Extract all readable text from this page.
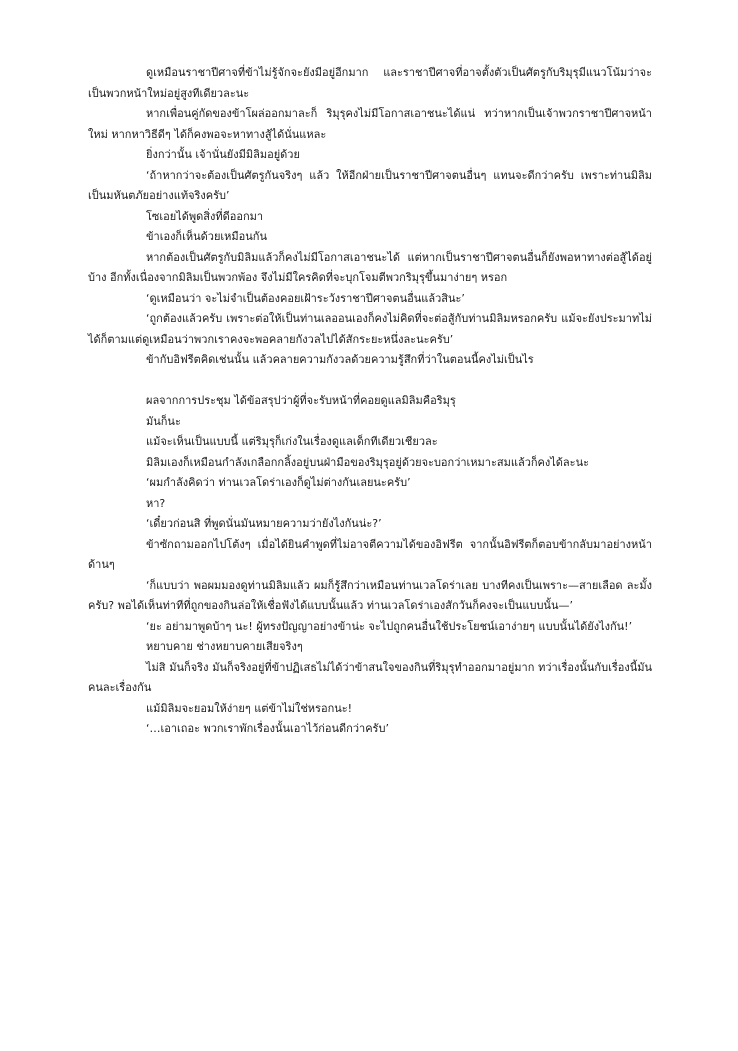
ดูเหมือนราชาปีศาจที่ข้าไม่รู้จักจะยังมีอยู่อีกมาก และราชาปีศาจที่อาจตั้งตัวเป็นศัตรูกับริมุรุมีแนวโน้มว่าจะเป็นพวกหน้าใหม่อยู่สูงทีเดียวละนะ

หากเพื่อนคู่กัดของข้าโผล่ออกมาละก็ ริมุรุคงไม่มีโอกาสเอาชนะได้แน่ ทว่าหากเป็นเจ้าพวกราชาปีศาจหน้าใหม่ หากหาวิธีดีๆ ได้ก็คงพอจะหาทางสู้ได้นั่นแหละ

ยิ่งกว่านั้น เจ้านั่นยังมีมิลิมอยู่ด้วย

‘ถ้าหากว่าจะต้องเป็นศัตรูกันจริงๆ แล้ว ให้อีกฝ่ายเป็นราชาปีศาจตนอื่นๆ แทนจะดีกว่าครับ เพราะท่านมิลิมเป็นมหันตภัยอย่างแท้จริงครับ’

โซเอยได้พูดสิ่งที่ดีออกมา

ข้าเองก็เห็นด้วยเหมือนกัน

หากต้องเป็นศัตรูกับมิลิมแล้วก็คงไม่มีโอกาสเอาชนะได้ แต่หากเป็นราชาปีศาจตนอื่นก็ยังพอหาทางต่อสู้ได้อยู่บ้าง อีกทั้งเนื่องจากมิลิมเป็นพวกพ้อง จึงไม่มีใครคิดที่จะบุกโจมตีพวกริมุรุขึ้นมาง่ายๆ หรอก

‘ดูเหมือนว่า จะไม่จำเป็นต้องคอยเฝ้าระวังราชาปีศาจตนอื่นแล้วสินะ’

‘ถูกต้องแล้วครับ เพราะต่อให้เป็นท่านเลออนเองก็คงไม่คิดที่จะต่อสู้กับท่านมิลิมหรอกครับ แม้จะยังประมาทไม่ได้ก็ตามแต่ดูเหมือนว่าพวกเราคงจะพอคลายกังวลไปได้สักระยะหนึ่งละนะครับ’

ข้ากับอิฟรีตคิดเช่นนั้น แล้วคลายความกังวลด้วยความรู้สึกที่ว่าในตอนนี้คงไม่เป็นไร

ผลจากการประชุม ได้ข้อสรุปว่าผู้ที่จะรับหน้าที่คอยดูแลมิลิมคือริมุรุ

มันก็นะ

แม้จะเห็นเป็นแบบนี้ แต่ริมุรุก็เก่งในเรื่องดูแลเด็กทีเดียวเชียวละ

มิลิมเองก็เหมือนกำลังเกลือกกลิ้งอยู่บนฝ่ามือของริมุรุอยู่ด้วยจะบอกว่าเหมาะสมแล้วก็คงได้ละนะ

‘ผมกำลังคิดว่า ท่านเวลโดร่าเองก็ดูไม่ต่างกันเลยนะครับ’

หา?

‘เดี๋ยวก่อนสิ ที่พูดนั่นมันหมายความว่ายังไงกันน่ะ?’

ข้าซักถามออกไปโต้งๆ เมื่อได้ยินคำพูดที่ไม่อาจตีความได้ของอิฟรีต จากนั้นอิฟรีตก็ตอบข้ากลับมาอย่างหน้าด้านๆ

‘ก็แบบว่า พอผมมองดูท่านมิลิมแล้ว ผมก็รู้สึกว่าเหมือนท่านเวลโดร่าเลย บางทีคงเป็นเพราะ—สายเลือด ละมั้งครับ? พอได้เห็นท่าทีที่ถูกของกินล่อให้เชื่อฟังได้แบบนั้นแล้ว ท่านเวลโดร่าเองสักวันก็คงจะเป็นแบบนั้น—’

‘ยะ อย่ามาพูดบ้าๆ นะ! ผู้ทรงปัญญาอย่างข้าน่ะ จะไปถูกคนอื่นใช้ประโยชน์เอาง่ายๆ แบบนั้นได้ยังไงกัน!’

หยาบคาย ช่างหยาบคายเสียจริงๆ

ไม่สิ มันก็จริง มันก็จริงอยู่ที่ข้าปฏิเสธไม่ได้ว่าข้าสนใจของกินที่ริมุรุทำออกมาอยู่มาก ทว่าเรื่องนั้นกับเรื่องนี้มันคนละเรื่องกัน

แม้มิลิมจะยอมให้ง่ายๆ แต่ข้าไม่ใช่หรอกนะ!

‘…เอาเถอะ พวกเราพักเรื่องนั้นเอาไว้ก่อนดีกว่าครับ’
